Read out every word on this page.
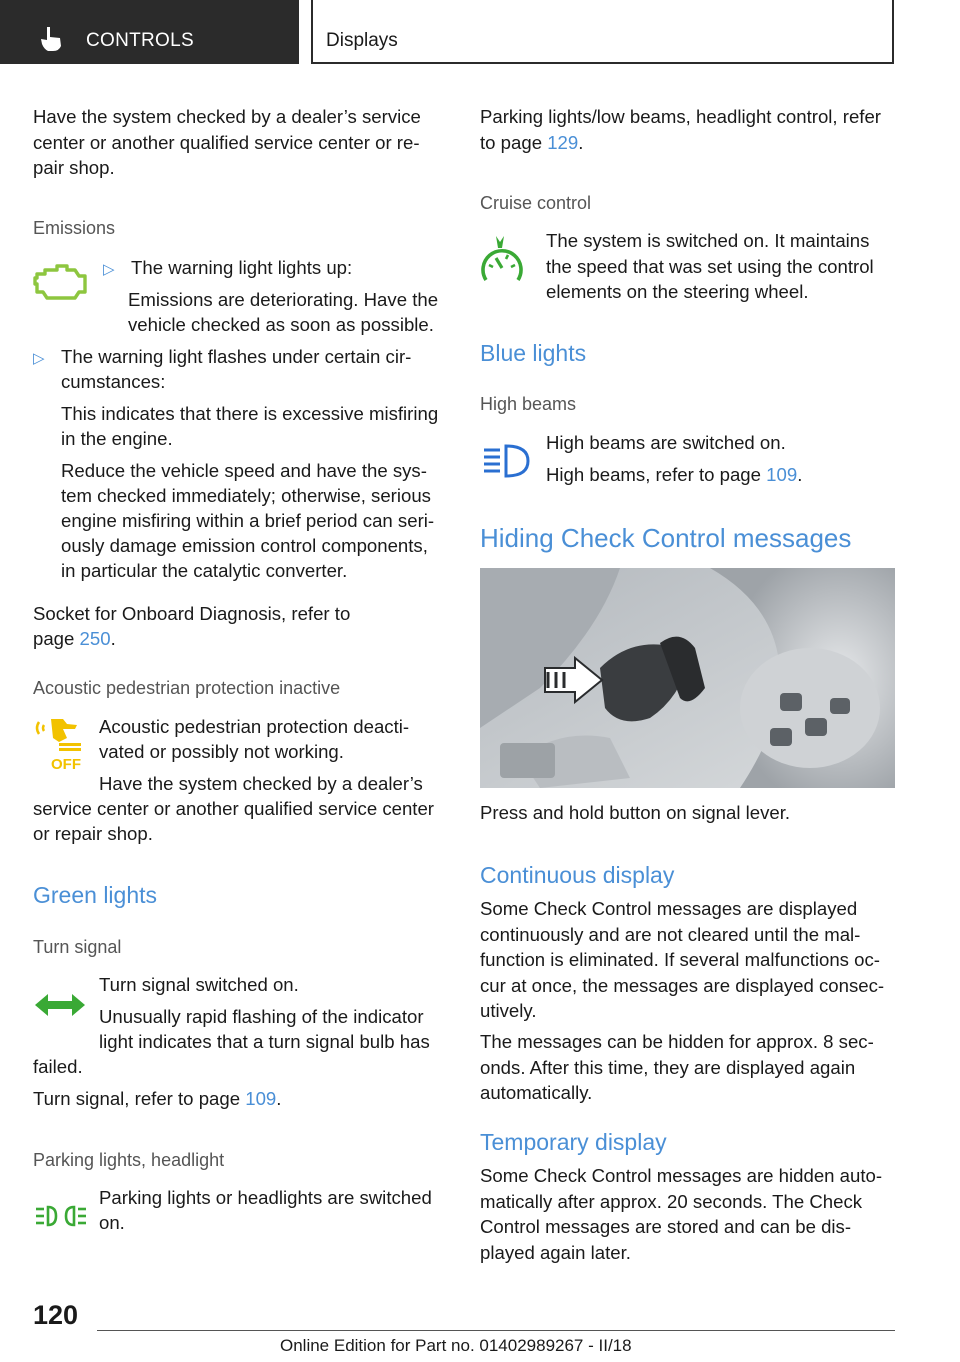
CONTROLS	Displays
Have the system checked by a dealer’s service
center or another qualified service center or re‐
pair shop.
Emissions
▷ The warning light lights up:
Emissions are deteriorating. Have the
vehicle checked as soon as possible.
▷ The warning light flashes under certain cir‐
cumstances:
This indicates that there is excessive misfiring
in the engine.
Reduce the vehicle speed and have the sys‐
tem checked immediately; otherwise, serious
engine misfiring within a brief period can seri‐
ously damage emission control components,
in particular the catalytic converter.
Socket for Onboard Diagnosis, refer to
page 250.
Acoustic pedestrian protection inactive
OFF
Acoustic pedestrian protection deacti‐
vated or possibly not working.
Have the system checked by a dealer’s
service center or another qualified service center
or repair shop.
Green lights
Turn signal
Turn signal switched on.
Unusually rapid flashing of the indicator
light indicates that a turn signal bulb has
failed.
Turn signal, refer to page 109.
Parking lights, headlight
Parking lights or headlights are switched
on.
Parking lights/low beams, headlight control, refer
to page 129.
Cruise control
The system is switched on. It maintains
the speed that was set using the control
elements on the steering wheel.
Blue lights
High beams
High beams are switched on.
High beams, refer to page 109.
Hiding Check Control messages
Press and hold button on signal lever.
Continuous display
Some Check Control messages are displayed
continuously and are not cleared until the mal‐
function is eliminated. If several malfunctions oc‐
cur at once, the messages are displayed consec‐
utively.
The messages can be hidden for approx. 8 sec‐
onds. After this time, they are displayed again
automatically.
Temporary display
Some Check Control messages are hidden auto‐
matically after approx. 20 seconds. The Check
Control messages are stored and can be dis‐
played again later.
120
Online Edition for Part no. 01402989267 - II/18
